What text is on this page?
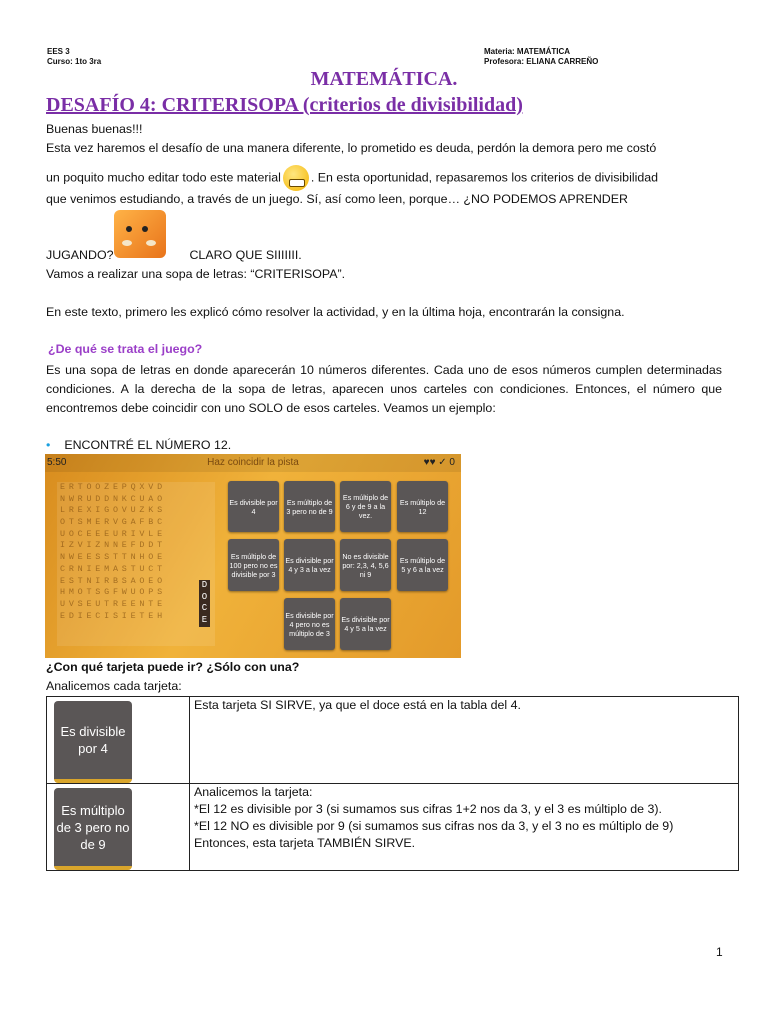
EES 3
Curso: 1to 3ra
Materia: MATEMÁTICA
Profesora: ELIANA CARREÑO
MATEMÁTICA.
DESAFÍO 4: CRITERISOPA (criterios de divisibilidad)
Buenas buenas!!!
Esta vez haremos el desafío de una manera diferente, lo prometido es deuda, perdón la demora pero me costó
un poquito mucho editar todo este material . En esta oportunidad, repasaremos los criterios de divisibilidad
que venimos estudiando, a través de un juego. Sí, así como leen, porque… ¿NO PODEMOS APRENDER
JUGANDO?	CLARO QUE SIIIIIII.
Vamos a realizar una sopa de letras: “CRITERISOPA”.
En este texto, primero les explicó cómo resolver la actividad, y en la última hoja, encontrarán la consigna.
¿De qué se trata el juego?
Es una sopa de letras en donde aparecerán 10 números diferentes. Cada uno de esos números cumplen determinadas condiciones. A la derecha de la sopa de letras, aparecen unos carteles con condiciones. Entonces, el número que encontremos debe coincidir con uno SOLO de esos carteles. Veamos un ejemplo:
• ENCONTRÉ EL NÚMERO 12.
5:50	Haz coincidir la pista	♥♥ ✓ 0
ERTOOZEPQXVD
NWRUDDNKCUAO
LREXIGOVUZKS
OTSMERVGAFBC
UOCEEEURIVLE
IZVIZNNEFDDT
NWEESSTTNHOE
CRNIEMASTUCT
ESTNIRBSAOEO
HMOTSGFWUOPS
UVSEUTREENTE
EDIECISIETEH
D
O
C
E
Es divisible por 4
Es múltiplo de 3 pero no de 9
Es múltiplo de 6 y de 9 a la vez.
Es múltiplo de 12
Es múltiplo de 100 pero no es divisible por 3
Es divisible por 4 y 3 a la vez
No es divisible por: 2,3, 4, 5,6 ni 9
Es múltiplo de 5 y 6 a la vez
Es divisible por 4 pero no es múltiplo de 3
Es divisible por 4 y 5 a la vez
¿Con qué tarjeta puede ir? ¿Sólo con una?
Analicemos cada tarjeta:
Es divisible por 4	Esta tarjeta SI SIRVE, ya que el doce está en la tabla del 4.

Es múltiplo de 3 pero no de 9	Analicemos la tarjeta:
*El 12 es divisible por 3 (si sumamos sus cifras 1+2 nos da 3, y el 3 es múltiplo de 3).
*El 12 NO es divisible por 9 (si sumamos sus cifras nos da 3, y el 3 no es múltiplo de 9)
Entonces, esta tarjeta TAMBIÉN SIRVE.
1
